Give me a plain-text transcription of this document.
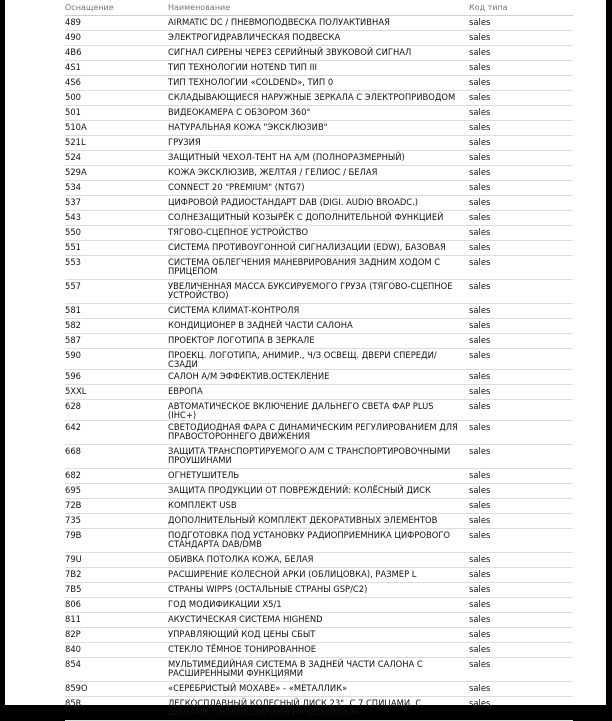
Оснащение	Наименование	Код типа
489	AIRMATIC DC / ПНЕВМОПОДВЕСКА ПОЛУАКТИВНАЯ	sales
490	ЭЛЕКТРОГИДРАВЛИЧЕСКАЯ ПОДВЕСКА	sales
4B6	СИГНАЛ СИРЕНЫ ЧЕРЕЗ СЕРИЙНЫЙ ЗВУКОВОЙ СИГНАЛ	sales
4S1	ТИП ТЕХНОЛОГИИ HOTEND ТИП III	sales
4S6	ТИП ТЕХНОЛОГИИ «COLDEND», ТИП 0	sales
500	СКЛАДЫВАЮЩИЕСЯ НАРУЖНЫЕ ЗЕРКАЛА С ЭЛЕКТРОПРИВОДОМ	sales
501	ВИДЕОКАМЕРА С ОБЗОРОМ 360°	sales
510A	НАТУРАЛЬНАЯ КОЖА "ЭКСКЛЮЗИВ"	sales
521L	ГРУЗИЯ	sales
524	ЗАЩИТНЫЙ ЧЕХОЛ-ТЕНТ НА А/М (ПОЛНОРАЗМЕРНЫЙ)	sales
529A	КОЖА ЭКСКЛЮЗИВ, ЖЕЛТАЯ / ГЕЛИОС / БЕЛАЯ	sales
534	CONNECT 20 "PREMIUM" (NTG7)	sales
537	ЦИФРОВОЙ РАДИОСТАНДАРТ DAB (DIGI. AUDIO BROADC.)	sales
543	СОЛНЕЗАЩИТНЫЙ КОЗЫРЁК С ДОПОЛНИТЕЛЬНОЙ ФУНКЦИЕЙ	sales
550	ТЯГОВО-СЦЕПНОЕ УСТРОЙСТВО	sales
551	СИСТЕМА ПРОТИВОУГОННОЙ СИГНАЛИЗАЦИИ (EDW), БАЗОВАЯ	sales
553	СИСТЕМА ОБЛЕГЧЕНИЯ МАНЕВРИРОВАНИЯ ЗАДНИМ ХОДОМ С ПРИЦЕПОМ	sales
557	УВЕЛИЧЕННАЯ МАССА БУКСИРУЕМОГО ГРУЗА (ТЯГОВО-СЦЕПНОЕ УСТРОЙСТВО)	sales
581	СИСТЕМА КЛИМАТ-КОНТРОЛЯ	sales
582	КОНДИЦИОНЕР В ЗАДНЕЙ ЧАСТИ САЛОНА	sales
587	ПРОЕКТОР ЛОГОТИПА В ЗЕРКАЛЕ	sales
590	ПРОЕКЦ. ЛОГОТИПА, АНИМИР., Ч/З ОСВЕЩ. ДВЕРИ СПЕРЕДИ/СЗАДИ	sales
596	САЛОН А/М ЭФФЕКТИВ.ОСТЕКЛЕНИЕ	sales
5XXL	ЕВРОПА	sales
628	АВТОМАТИЧЕСКОЕ ВКЛЮЧЕНИЕ ДАЛЬНЕГО СВЕТА ФАР PLUS (IHC+)	sales
642	СВЕТОДИОДНАЯ ФАРА С ДИНАМИЧЕСКИМ РЕГУЛИРОВАНИЕМ ДЛЯ ПРАВОСТОРОННЕГО ДВИЖЕНИЯ	sales
668	ЗАЩИТА ТРАНСПОРТИРУЕМОГО А/М С ТРАНСПОРТИРОВОЧНЫМИ ПРОУШИНАМИ	sales
682	ОГНЕТУШИТЕЛЬ	sales
695	ЗАЩИТА ПРОДУКЦИИ ОТ ПОВРЕЖДЕНИЙ: КОЛЁСНЫЙ ДИСК	sales
72B	КОМПЛЕКТ USB	sales
735	ДОПОЛНИТЕЛЬНЫЙ КОМПЛЕКТ ДЕКОРАТИВНЫХ ЭЛЕМЕНТОВ	sales
79B	ПОДГОТОВКА ПОД УСТАНОВКУ РАДИОПРИЕМНИКА ЦИФРОВОГО СТАНДАРТА DAB/DMB	sales
79U	ОБИВКА ПОТОЛКА КОЖА, БЕЛАЯ	sales
7B2	РАСШИРЕНИЕ КОЛЕСНОЙ АРКИ (ОБЛИЦОВКА), РАЗМЕР L	sales
7B5	СТРАНЫ WIPPS (ОСТАЛЬНЫЕ СТРАНЫ GSP/C2)	sales
806	ГОД МОДИФИКАЦИИ X5/1	sales
811	АКУСТИЧЕСКАЯ СИСТЕМА HIGHEND	sales
82P	УПРАВЛЯЮЩИЙ КОД ЦЕНЫ СБЫТ	sales
840	СТЕКЛО ТЁМНОЕ ТОНИРОВАННОЕ	sales
854	МУЛЬТИМЕДИЙНАЯ СИСТЕМА В ЗАДНЕЙ ЧАСТИ САЛОНА С РАСШИРЕННЫМИ ФУНКЦИЯМИ	sales
859O	«СЕРЕБРИСТЫЙ МОХАВЕ» - «МЕТАЛЛИК»	sales
85R	ЛЕГКОСПЛАВНЫЙ КОЛЕСНЫЙ ДИСК 23", С 7 СПИЦАМИ, С ШИНАМИ РАЗНОЙ ШИРИНЫ НА ОДНОМ А/М	sales
